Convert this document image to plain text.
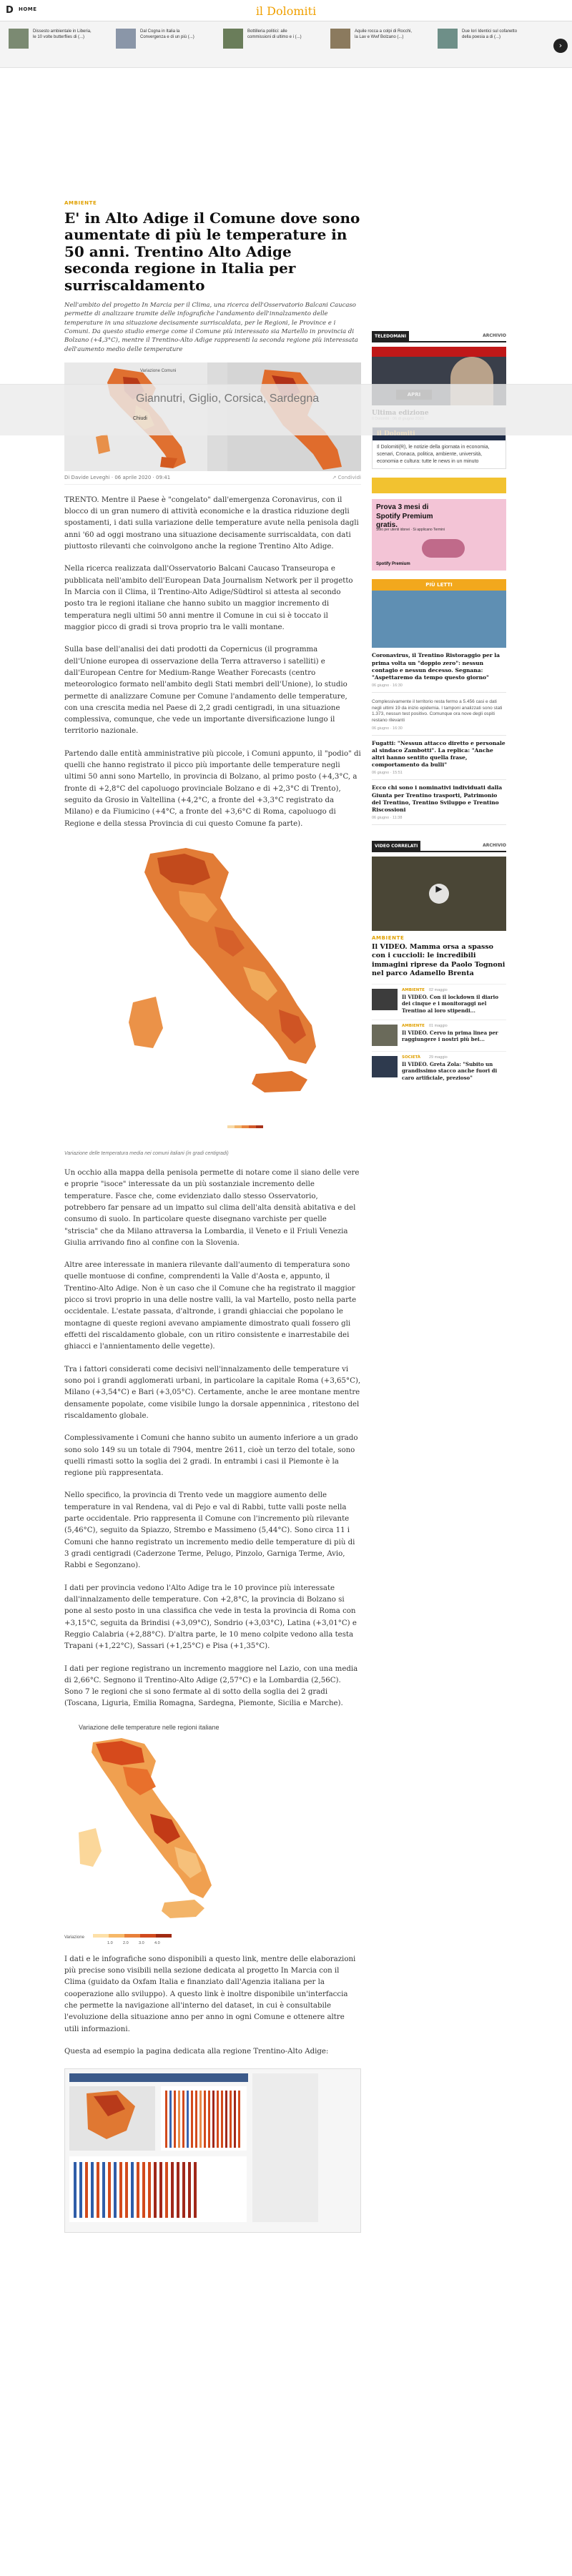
D HOME	il Dolomiti
Dissesto ambientale in Liberia, le 10 volte butterflies di (...)
Dal Cogna in Italia la Convergenza e di un più (...)
Bottilleria politici: alle commissioni di ultimo e i (...)
Aquile rocca a colpi di Rocchi, la Lav e Wwf Bolzano (...)
Due lori Identici sul cofanetto della poesia a di (...)
›
AMBIENTE
E' in Alto Adige il Comune dove sono aumentate di più le temperature in 50 anni. Trentino Alto Adige seconda regione in Italia per surriscaldamento
Nell'ambito del progetto In Marcia per il Clima, una ricerca dell'Osservatorio Balcani Caucaso permette di analizzare tramite delle infografiche l'andamento dell'innalzamento delle temperature in una situazione decisamente surriscaldata, per le Regioni, le Province e i Comuni. Da questo studio emerge come il Comune più interessato sia Martello in provincia di Bolzano (+4,3°C), mentre il Trentino-Alto Adige rappresenti la seconda regione più interessata dell'aumento medio delle temperature
Variazione Comuni
Di Davide Leveghi · 06 aprile 2020 · 09:41	↗ Condividi

TRENTO. Mentre il Paese è "congelato" dall'emergenza Coronavirus, con il blocco di un gran numero di attività economiche e la drastica riduzione degli spostamenti, i dati sulla variazione delle temperature avute nella penisola dagli anni '60 ad oggi mostrano una situazione decisamente surriscaldata, con dati piuttosto rilevanti che coinvolgono anche la regione Trentino Alto Adige.

Nella ricerca realizzata dall'Osservatorio Balcani Caucaso Transeuropa e pubblicata nell'ambito dell'European Data Journalism Network per il progetto In Marcia con il Clima, il Trentino-Alto Adige/Südtirol si attesta al secondo posto tra le regioni italiane che hanno subito un maggior incremento di temperatura negli ultimi 50 anni mentre il Comune in cui si è toccato il maggior picco di gradi si trova proprio tra le valli montane.

Sulla base dell'analisi dei dati prodotti da Copernicus (il programma dell'Unione europea di osservazione della Terra attraverso i satelliti) e dall'European Centre for Medium-Range Weather Forecasts (centro meteorologico formato nell'ambito degli Stati membri dell'Unione), lo studio permette di analizzare Comune per Comune l'andamento delle temperature, con una crescita media nel Paese di 2,2 gradi centigradi, in una situazione complessiva, comunque, che vede un importante diversificazione lungo il territorio nazionale.

Partendo dalle entità amministrative più piccole, i Comuni appunto, il "podio" di quelli che hanno registrato il picco più importante delle temperature negli ultimi 50 anni sono Martello, in provincia di Bolzano, al primo posto (+4,3°C, a fronte di +2,8°C del capoluogo provinciale Bolzano e di +2,3°C di Trento), seguito da Grosio in Valtellina (+4,2°C, a fronte del +3,3°C registrato da Milano) e da Fiumicino (+4°C, a fronte del +3,6°C di Roma, capoluogo di Regione e della stessa Provincia di cui questo Comune fa parte).

Variazione delle temperatura media nei comuni italiani (in gradi centigradi)

Un occhio alla mappa della penisola permette di notare come il siano delle vere e proprie "isoce" interessate da un più sostanziale incremento delle temperature. Fasce che, come evidenziato dallo stesso Osservatorio, potrebbero far pensare ad un impatto sul clima dell'alta densità abitativa e del consumo di suolo. In particolare queste disegnano varchiste per quelle "striscia" che da Milano attraversa la Lombardia, il Veneto e il Friuli Venezia Giulia arrivando fino al confine con la Slovenia.

Altre aree interessate in maniera rilevante dall'aumento di temperatura sono quelle montuose di confine, comprendenti la Valle d'Aosta e, appunto, il Trentino-Alto Adige. Non è un caso che il Comune che ha registrato il maggior picco si trovi proprio in una delle nostre valli, la val Martello, posto nella parte occidentale. L'estate passata, d'altronde, i grandi ghiacciai che popolano le montagne di queste regioni avevano ampiamente dimostrato quali fossero gli effetti del riscaldamento globale, con un ritiro consistente e inarrestabile dei ghiacci e l'annientamento delle vegette).

Tra i fattori considerati come decisivi nell'innalzamento delle temperature vi sono poi i grandi agglomerati urbani, in particolare la capitale Roma (+3,65°C), Milano (+3,54°C) e Bari (+3,05°C). Certamente, anche le aree montane mentre densamente popolate, come visibile lungo la dorsale appenninica , ritestono del riscaldamento globale.

Complessivamente i Comuni che hanno subito un aumento inferiore a un grado sono solo 149 su un totale di 7904, mentre 2611, cioè un terzo del totale, sono quelli rimasti sotto la soglia dei 2 gradi. In entrambi i casi il Piemonte è la regione più rappresentata.

Nello specifico, la provincia di Trento vede un maggiore aumento delle temperature in val Rendena, val di Pejo e val di Rabbi, tutte valli poste nella parte occidentale. Prio rappresenta il Comune con l'incremento più rilevante (5,46°C), seguito da Spiazzo, Strembo e Massimeno (5,44°C). Sono circa 11 i Comuni che hanno registrato un incremento medio delle temperature di più di 3 gradi centigradi (Caderzone Terme, Pelugo, Pinzolo, Garniga Terme, Avio, Rabbi e Segonzano).

I dati per provincia vedono l'Alto Adige tra le 10 province più interessate dall'innalzamento delle temperature. Con +2,8°C, la provincia di Bolzano si pone al sesto posto in una classifica che vede in testa la provincia di Roma con +3,15°C, seguita da Brindisi (+3,09°C), Sondrio (+3,03°C), Latina (+3,01°C) e Reggio Calabria (+2,88°C). D'altra parte, le 10 meno colpite vedono alla testa Trapani (+1,22°C), Sassari (+1,25°C) e Pisa (+1,35°C).

I dati per regione registrano un incremento maggiore nel Lazio, con una media di 2,66°C. Segnono il Trentino-Alto Adige (2,57°C) e la Lombardia (2,56C). Sono 7 le regioni che si sono fermate al di sotto della soglia dei 2 gradi (Toscana, Liguria, Emilia Romagna, Sardegna, Piemonte, Sicilia e Marche).

Variazione delle temperature nelle regioni italiane
Variazione
1.0	2.0	3.0	4.0

I dati e le infografiche sono disponibili a questo link, mentre delle elaborazioni più precise sono visibili nella sezione dedicata al progetto In Marcia con il Clima (guidato da Oxfam Italia e finanziato dall'Agenzia italiana per la cooperazione allo sviluppo). A questo link è inoltre disponibile un'interfaccia che permette la navigazione all'interno del dataset, in cui è consultabile l'evoluzione della situazione anno per anno in ogni Comune e ottenere altre utili informazioni.

Questa ad esempio la pagina dedicata alla regione Trentino-Alto Adige:

TELEDOMANI	ARCHIVIO
Il Dolomiti(R), le notizie della giornata in economia, scenari, Cronaca, politica, ambiente, università, economia e cultura: tutte le news in un minuto
Prova 3 mesi di Spotify Premium gratis.
Solo per utenti idonei · Si applicano Termini
Spotify Premium
PIÙ LETTI
Coronavirus, il Trentino Ristoraggio per la prima volta un "doppio zero": nessun contagio e nessun decesso. Segnana: "Aspettaremo da tempo questo giorno"
06 giugno · 16:30
Complessivamente il territorio resta fermo a 5.456 casi e dati negli ultimi 19 da inizio epidemia. I tamponi analizzati sono stati 1.373, nessun test positivo. Comunque ora nove degli ospiti restano rilevanti
06 giugno · 16:30
Fugatti: "Nessun attacco diretto e personale al sindaco Zambotti". La replica: "Anche altri hanno sentito quella frase, comportamento da bulli"
06 giugno · 15:51
Ecco chi sono i nominativi individuati dalla Giunta per Trentino trasporti, Patrimonio del Trentino, Trentino Sviluppo e Trentino Riscossioni
06 giugno · 11:38
VIDEO CORRELATI	ARCHIVIO
▶
AMBIENTE
Il VIDEO. Mamma orsa a spasso con i cuccioli: le incredibili immagini riprese da Paolo Tognoni nel parco Adamello Brenta
AMBIENTE 02 maggio
Il VIDEO. Con il lockdown il diario dei cinque e i monitoraggi nel Trentino al loro stipendi...
AMBIENTE 01 maggio
Il VIDEO. Cervo in prima linea per raggiungere i nostri più bei...
SOCIETÀ 29 maggio
Il VIDEO. Greta Zola: "Subito un grandissimo stacco anche fuori di caro artificiale, prezioso"
Giannutri, Giglio, Corsica, Sardegna
Chiudi
